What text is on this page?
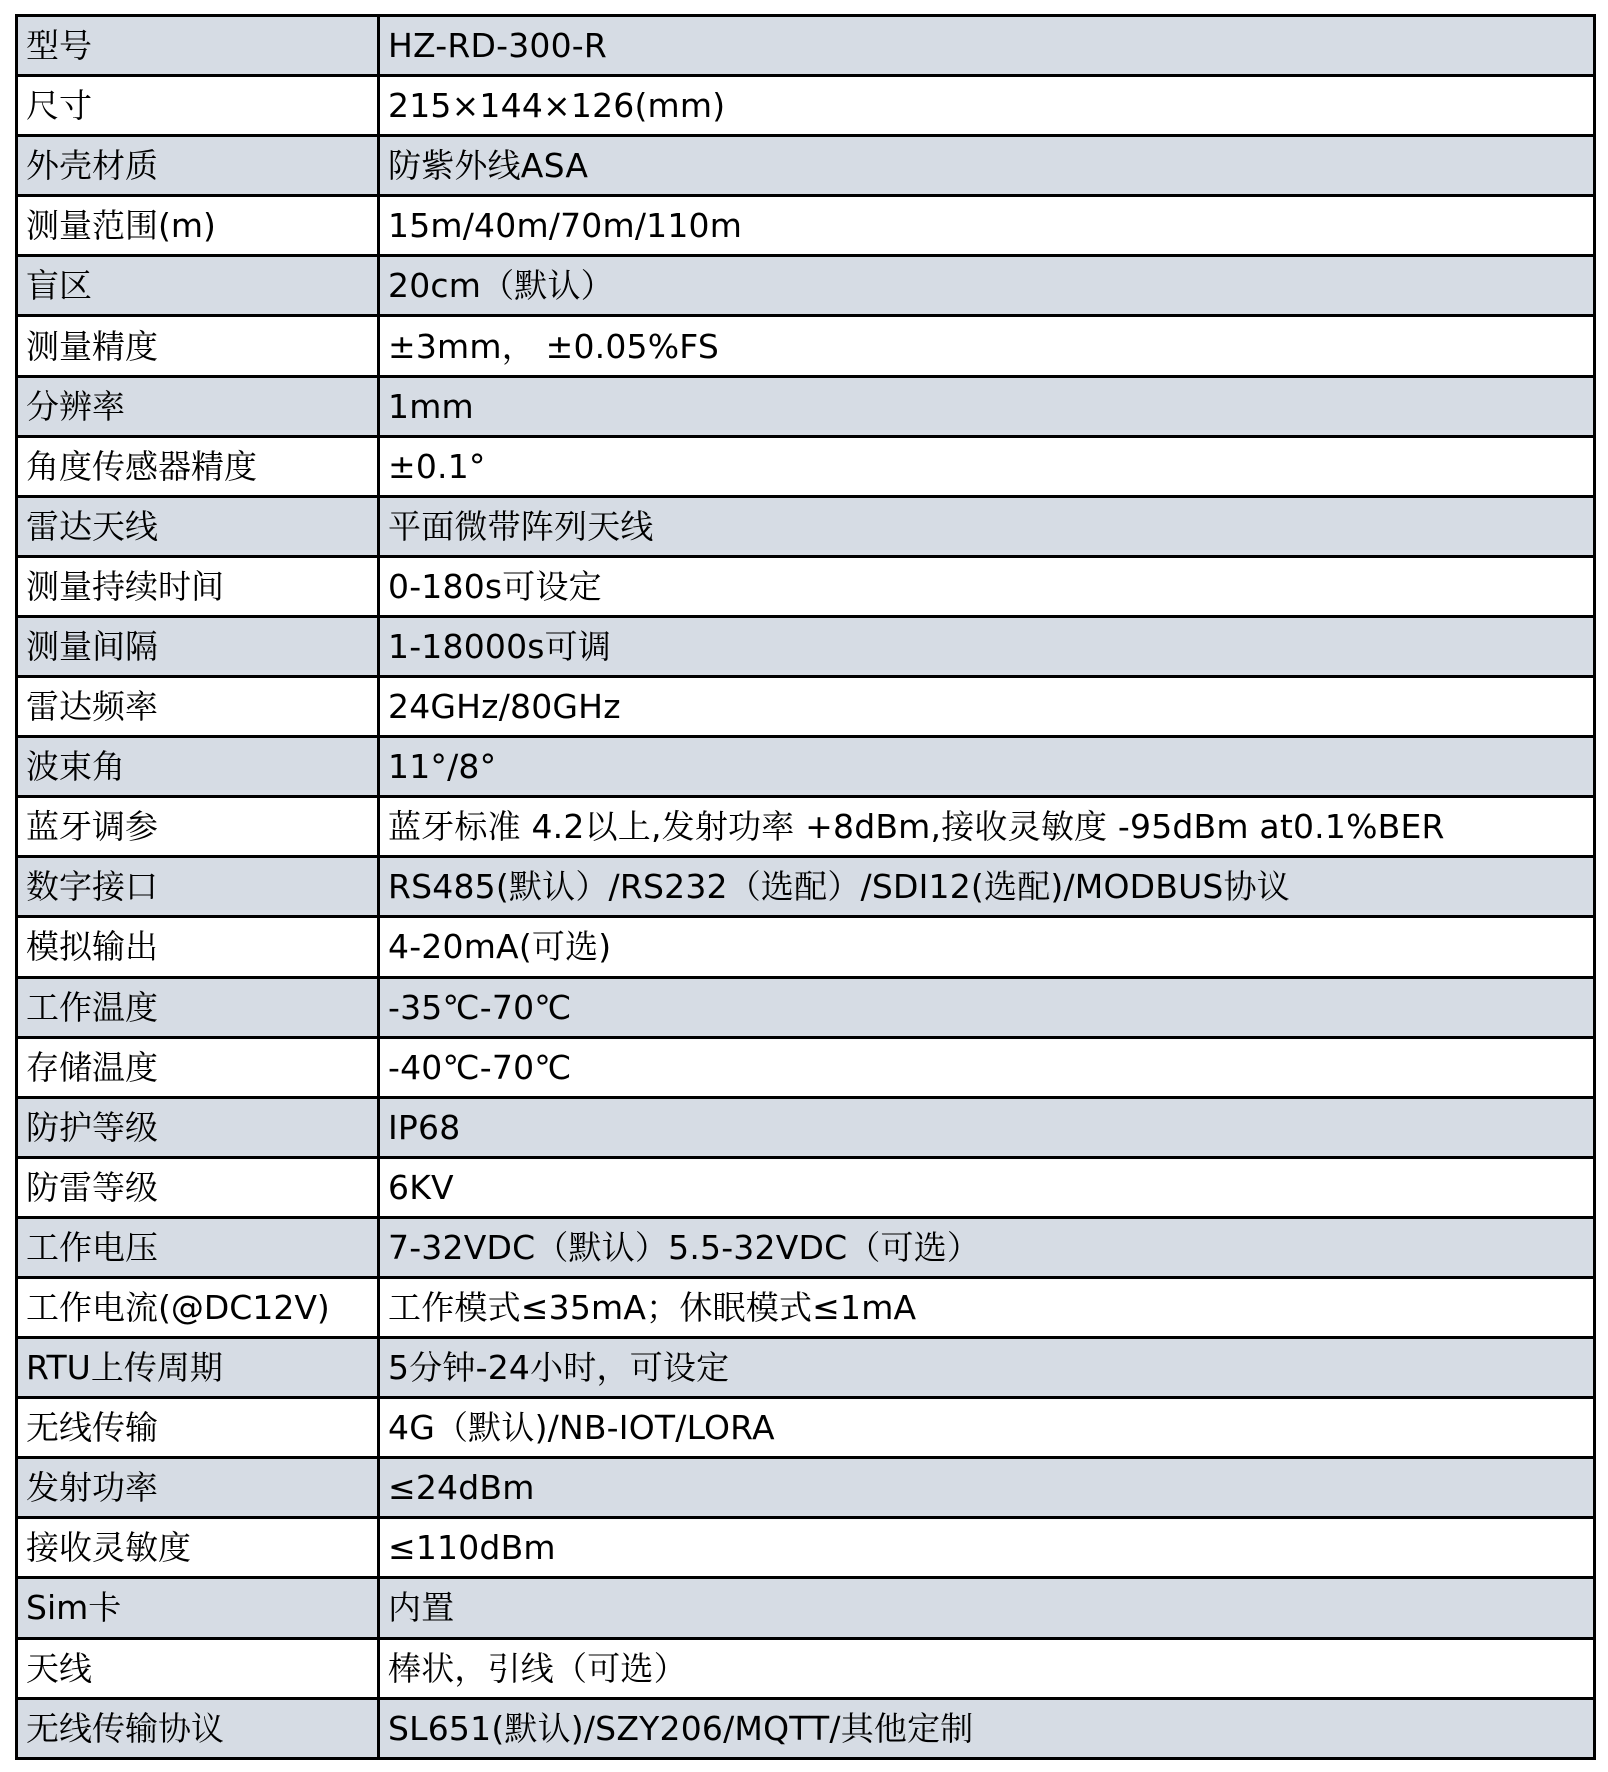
型号	HZ-RD-300-R
尺寸	215×144×126(mm)
外壳材质	防紫外线ASA
测量范围(m)	15m/40m/70m/110m
盲区	20cm（默认）
测量精度	±3mm， ±0.05%FS
分辨率	1mm
角度传感器精度	±0.1°
雷达天线	平面微带阵列天线
测量持续时间	0-180s可设定
测量间隔	1-18000s可调
雷达频率	24GHz/80GHz
波束角	11°/8°
蓝牙调参	蓝牙标准 4.2以上,发射功率 +8dBm,接收灵敏度 -95dBm at0.1%BER
数字接口	RS485(默认）/RS232（选配）/SDI12(选配)/MODBUS协议
模拟输出	4-20mA(可选)
工作温度	-35℃-70℃
存储温度	-40℃-70℃
防护等级	IP68
防雷等级	6KV
工作电压	7-32VDC（默认）5.5-32VDC（可选）
工作电流(@DC12V)	工作模式≤35mA；休眠模式≤1mA
RTU上传周期	5分钟-24小时，可设定
无线传输	4G（默认)/NB-IOT/LORA
发射功率	≤24dBm
接收灵敏度	≤110dBm
Sim卡	内置
天线	棒状，引线（可选）
无线传输协议	SL651(默认)/SZY206/MQTT/其他定制
